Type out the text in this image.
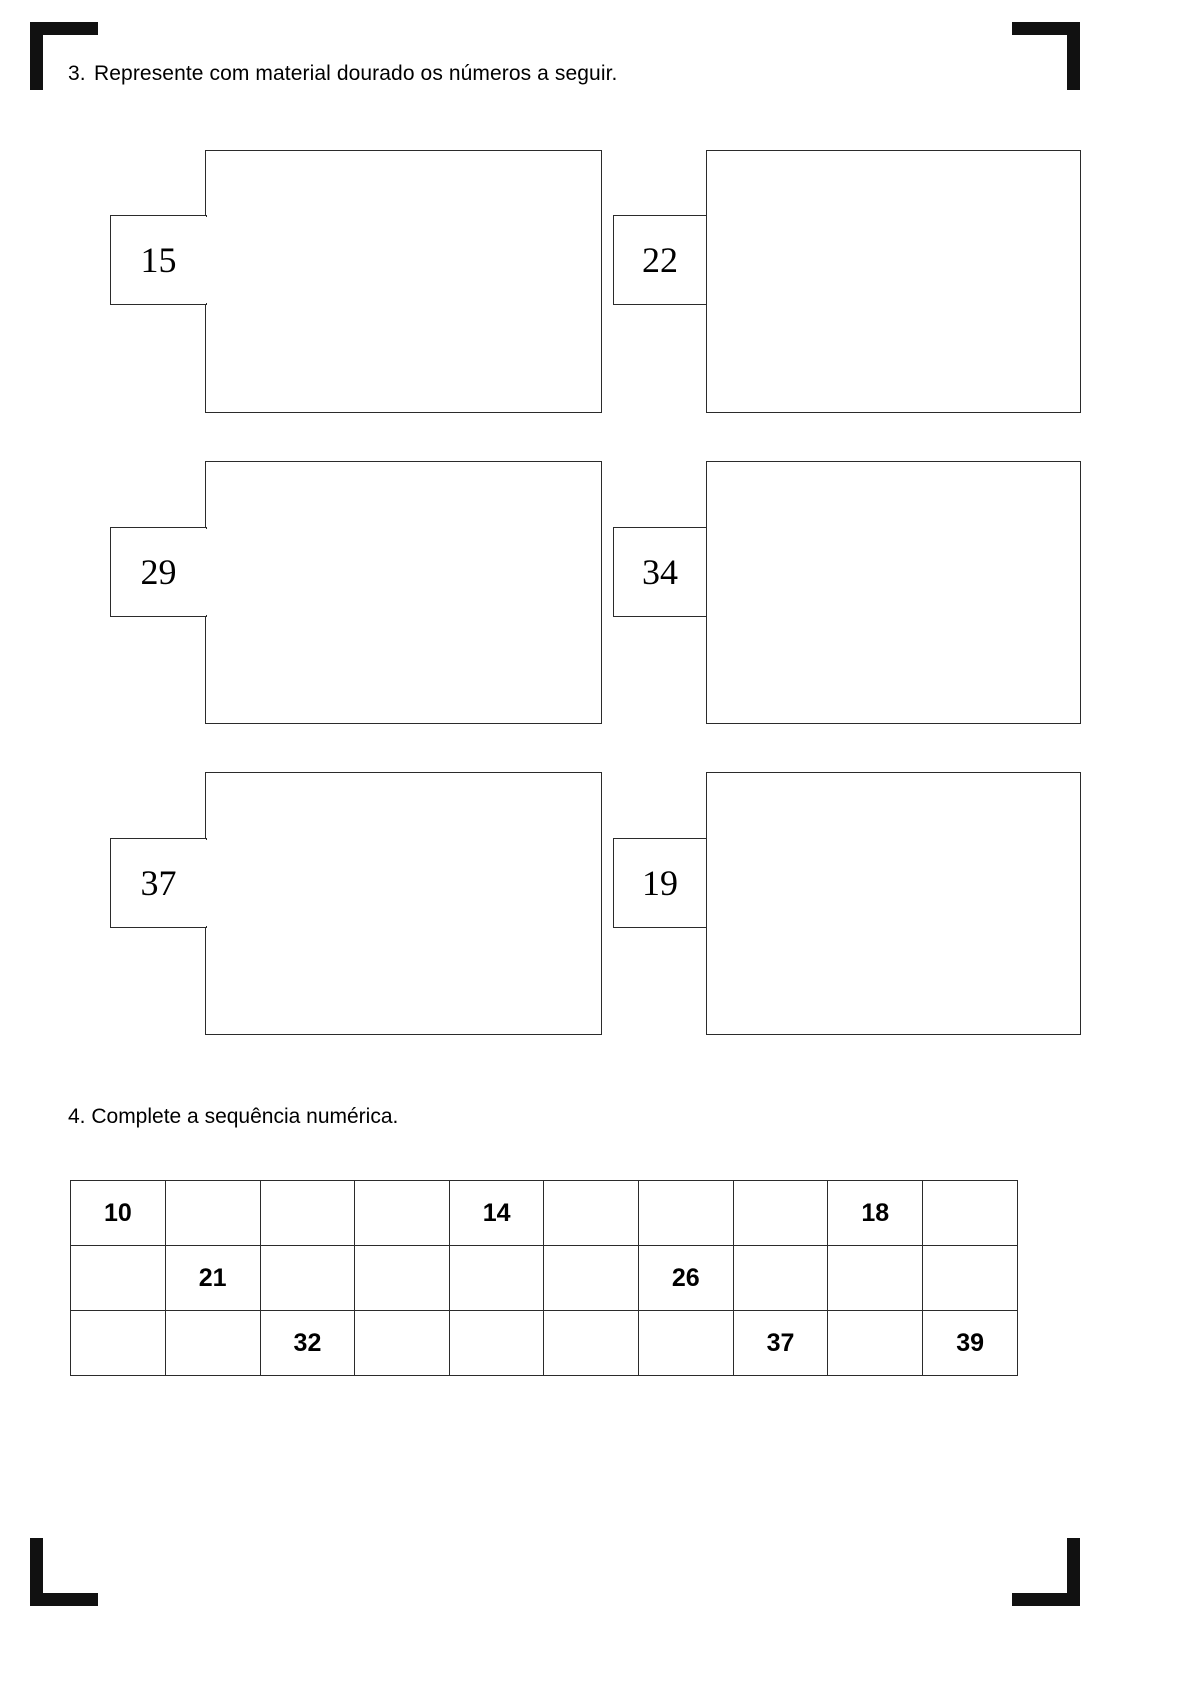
3. Represente com material dourado os números a seguir.
15	22
29	34
37	19
4. Complete a sequência numérica.
10				14				18	
	21					26			
		32					37		39
